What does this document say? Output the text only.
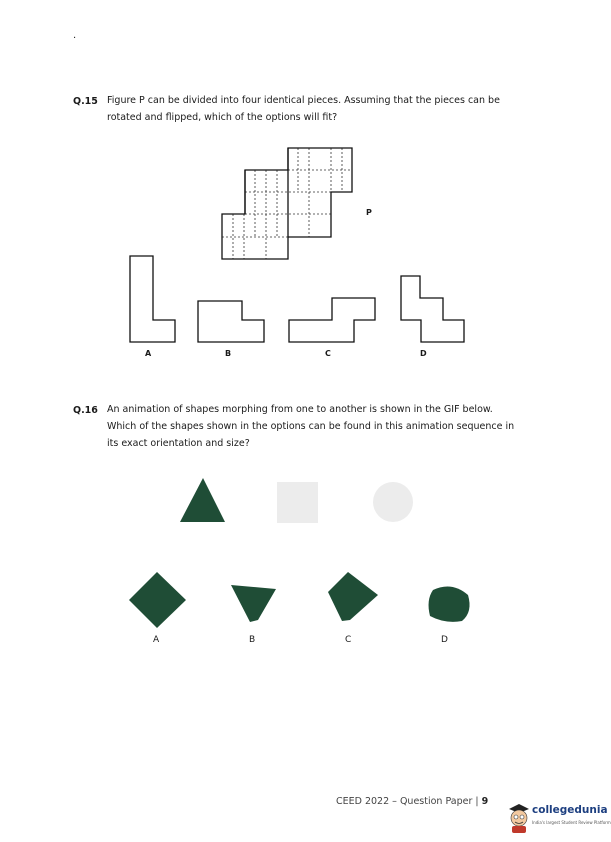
.
Q.15 Figure P can be divided into four identical pieces. Assuming that the pieces can be
rotated and flipped, which of the options will fit?
P
A	B	C	D
Q.16 An animation of shapes morphing from one to another is shown in the GIF below.
Which of the shapes shown in the options can be found in this animation sequence in
its exact orientation and size?
A	B	C	D
CEED 2022 – Question Paper | 9
collegedunia
India's largest Student Review Platform
